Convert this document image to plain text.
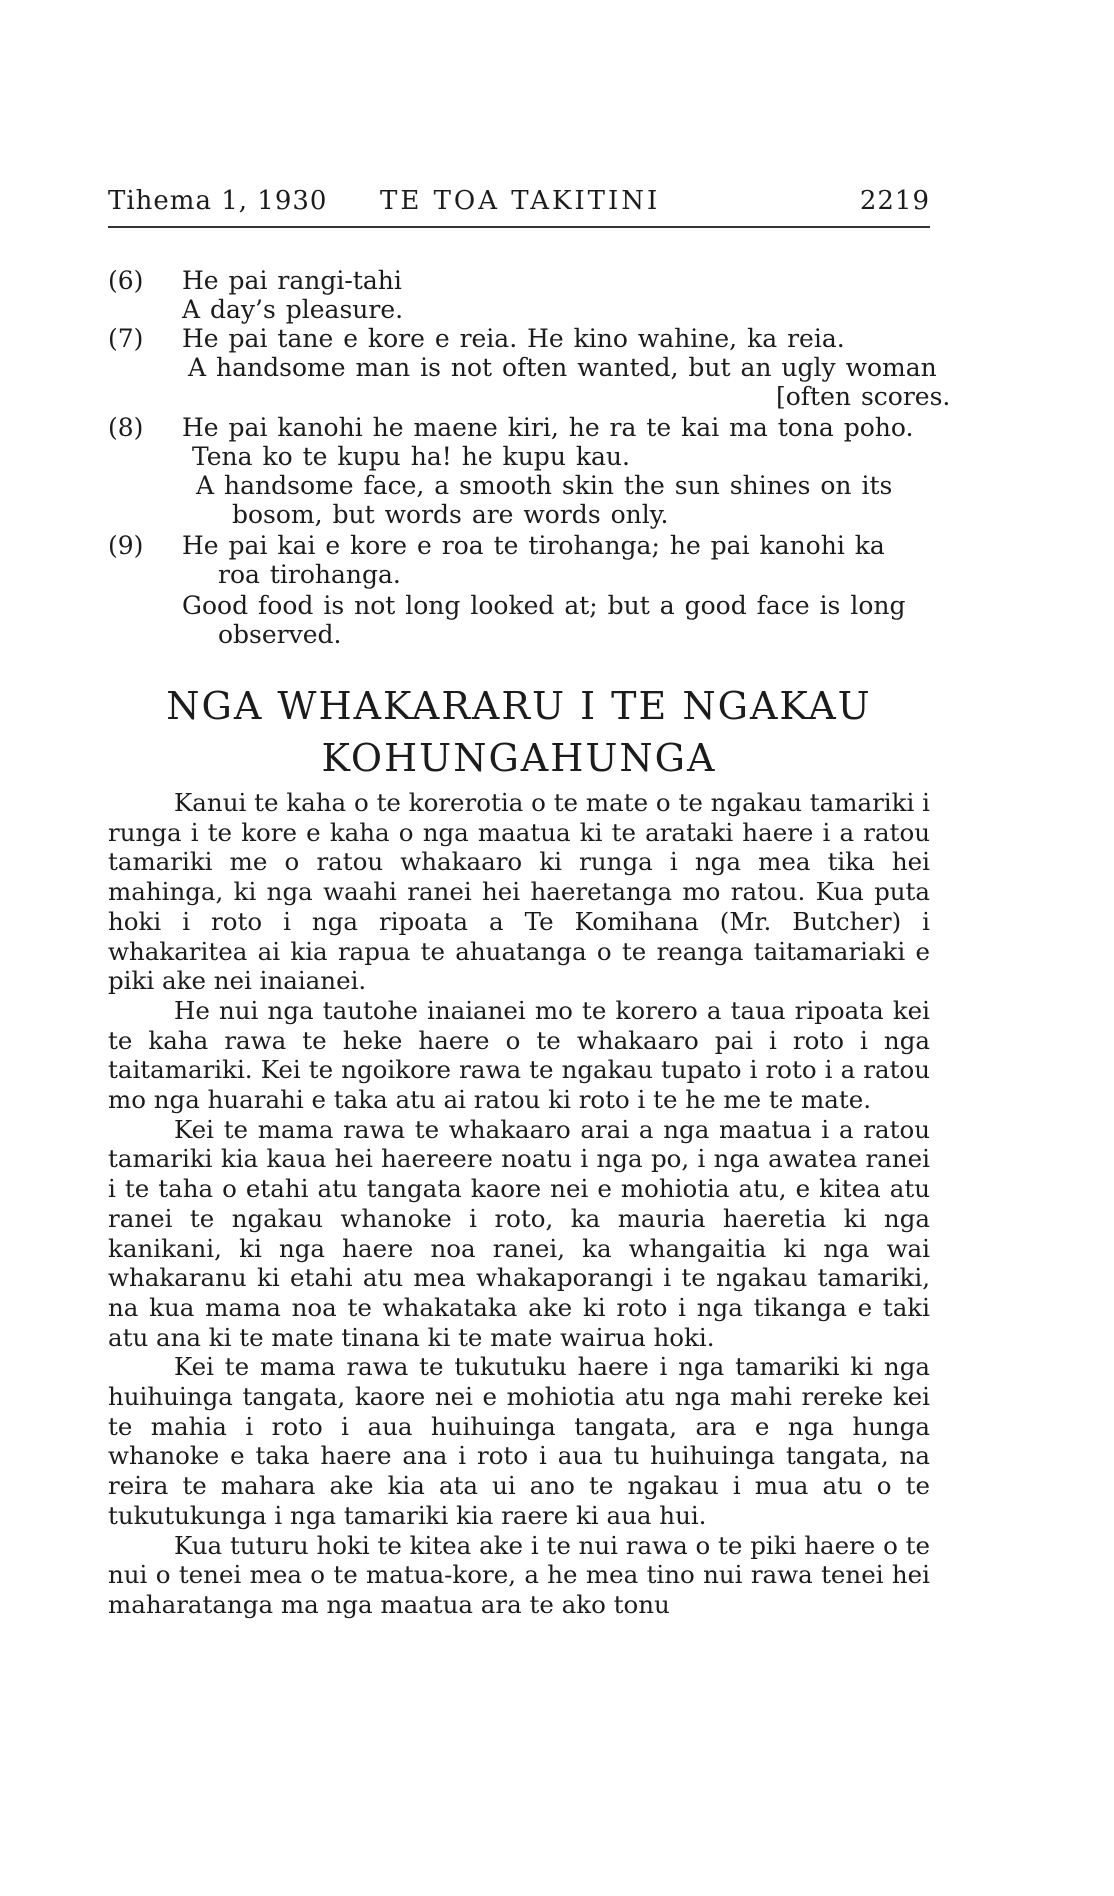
Tihema 1, 1930 TE TOA TAKITINI	2219
(6)	He pai rangi-tahi
A day’s pleasure.
(7)	He pai tane e kore e reia. He kino wahine, ka reia.
A handsome man is not often wanted, but an ugly woman
[often scores.
(8)	He pai kanohi he maene kiri, he ra te kai ma tona poho.
Tena ko te kupu ha! he kupu kau.
A handsome face, a smooth skin the sun shines on its
bosom, but words are words only.
(9)	He pai kai e kore e roa te tirohanga; he pai kanohi ka
roa tirohanga.
Good food is not long looked at; but a good face is long
observed.
NGA WHAKARARU I TE NGAKAU
KOHUNGAHUNGA

Kanui te kaha o te korerotia o te mate o te ngakau tamariki i runga i te kore e kaha o nga maatua ki te arataki haere i a ratou tamariki me o ratou whakaaro ki runga i nga mea tika hei mahinga, ki nga waahi ranei hei haeretanga mo ratou. Kua puta hoki i roto i nga ripoata a Te Komihana (Mr. Butcher) i whakaritea ai kia rapua te ahuatanga o te reanga taitamariaki e piki ake nei inaianei.

He nui nga tautohe inaianei mo te korero a taua ripoata kei te kaha rawa te heke haere o te whakaaro pai i roto i nga taitamariki. Kei te ngoikore rawa te ngakau tupato i roto i a ratou mo nga huarahi e taka atu ai ratou ki roto i te he me te mate.

Kei te mama rawa te whakaaro arai a nga maatua i a ratou tamariki kia kaua hei haereere noatu i nga po, i nga awatea ranei i te taha o etahi atu tangata kaore nei e mohiotia atu, e kitea atu ranei te ngakau whanoke i roto, ka mauria haeretia ki nga kanikani, ki nga haere noa ranei, ka whangaitia ki nga wai whakaranu ki etahi atu mea whakaporangi i te ngakau tamariki, na kua mama noa te whakataka ake ki roto i nga tikanga e taki atu ana ki te mate tinana ki te mate wairua hoki.

Kei te mama rawa te tukutuku haere i nga tamariki ki nga huihuinga tangata, kaore nei e mohiotia atu nga mahi rereke kei te mahia i roto i aua huihuinga tangata, ara e nga hunga whanoke e taka haere ana i roto i aua tu huihuinga tangata, na reira te mahara ake kia ata ui ano te ngakau i mua atu o te tukutukunga i nga tamariki kia raere ki aua hui.

Kua tuturu hoki te kitea ake i te nui rawa o te piki haere o te nui o tenei mea o te matua-kore, a he mea tino nui rawa tenei hei maharatanga ma nga maatua ara te ako tonu
